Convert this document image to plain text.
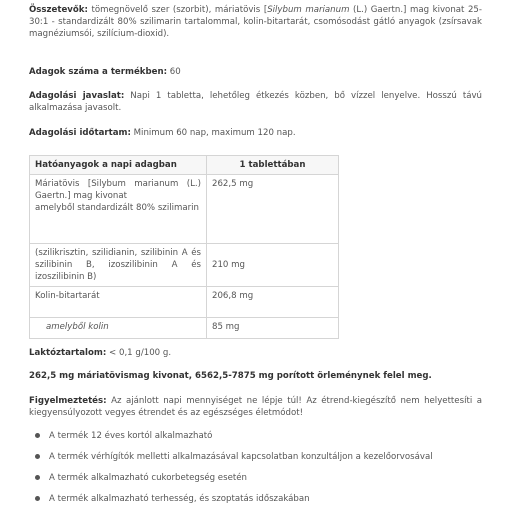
Összetevők: tömegnövelő szer (szorbit), máriatövis [Silybum marianum (L.) Gaertn.] mag kivonat 25-30:1 - standardizált 80% szilimarin tartalommal, kolin-bitartarát, csomósodást gátló anyagok (zsírsavak magnéziumsói, szilícium-dioxid).

Adagok száma a termékben: 60

Adagolási javaslat: Napi 1 tabletta, lehetőleg étkezés közben, bő vízzel lenyelve. Hosszú távú alkalmazása javasolt.

Adagolási időtartam: Minimum 60 nap, maximum 120 nap.

Hatóanyagok a napi adagban	1 tablettában

Máriatövis [Silybum marianum (L.) Gaertn.] mag kivonat
amelyből standardizált 80% szilimarin	262,5 mg
(szilikrisztin, szilidianin, szilibinin A és szilibinin B, izoszilibinin A és izoszilibinin B)	210 mg
Kolin-bitartarát	206,8 mg
amelyből kolin	85 mg

Laktóztartalom: < 0,1 g/100 g.

262,5 mg máriatövismag kivonat, 6562,5-7875 mg porított örleménynek felel meg.

Figyelmeztetés: Az ajánlott napi mennyiséget ne lépje túl! Az étrend-kiegészítő nem helyettesíti a kiegyensúlyozott vegyes étrendet és az egészséges életmódot!

A termék 12 éves kortól alkalmazható
A termék vérhígítók melletti alkalmazásával kapcsolatban konzultáljon a kezelőorvosával
A termék alkalmazható cukorbetegség esetén
A termék alkalmazható terhesség, és szoptatás időszakában
